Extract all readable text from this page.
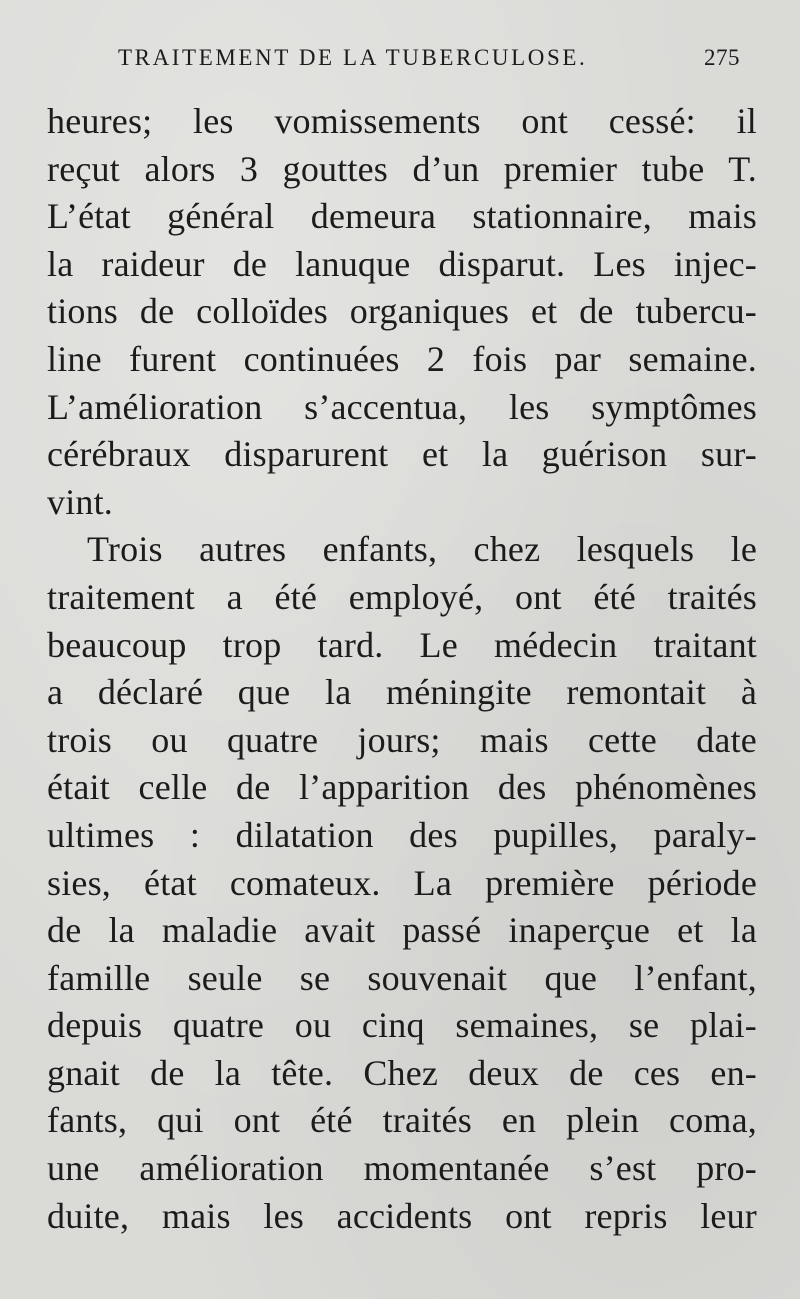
TRAITEMENT DE LA TUBERCULOSE.	275
heures; les vomissements ont cessé: il
reçut alors 3 gouttes d’un premier tube T.
L’état général demeura stationnaire, mais
la raideur de lanuque disparut. Les injec-
tions de colloïdes organiques et de tubercu-
line furent continuées 2 fois par semaine.
L’amélioration s’accentua, les symptômes
cérébraux disparurent et la guérison sur-
vint.
Trois autres enfants, chez lesquels le
traitement a été employé, ont été traités
beaucoup trop tard. Le médecin traitant
a déclaré que la méningite remontait à
trois ou quatre jours; mais cette date
était celle de l’apparition des phénomènes
ultimes : dilatation des pupilles, paraly-
sies, état comateux. La première période
de la maladie avait passé inaperçue et la
famille seule se souvenait que l’enfant,
depuis quatre ou cinq semaines, se plai-
gnait de la tête. Chez deux de ces en-
fants, qui ont été traités en plein coma,
une amélioration momentanée s’est pro-
duite, mais les accidents ont repris leur
